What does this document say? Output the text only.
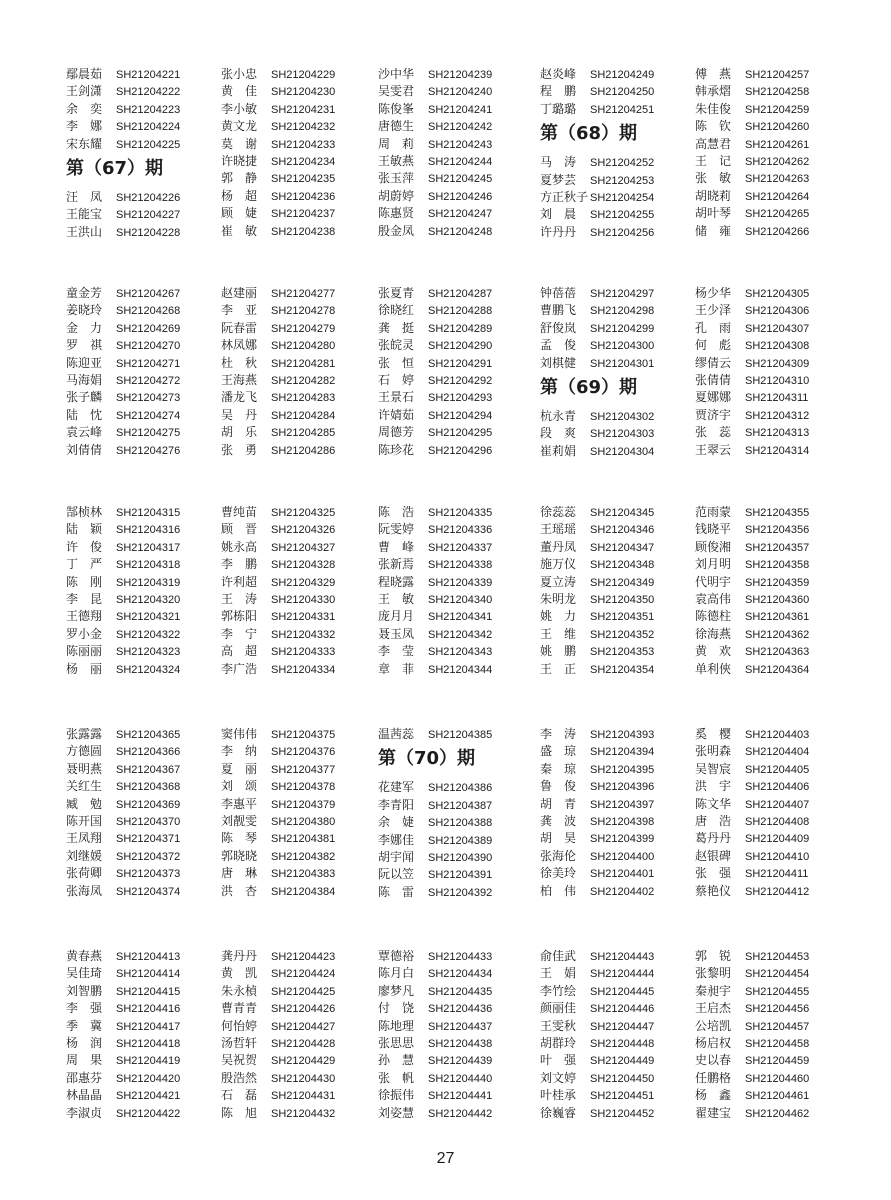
鄢晨茹 SH21204221
王剑潇 SH21204222
余奕 SH21204223
李娜 SH21204224
宋东耀 SH21204225
第（67）期
汪凤 SH21204226
王能宝 SH21204227
王洪山 SH21204228
张小忠 SH21204229
黄佳 SH21204230
李小敏 SH21204231
黄文龙 SH21204232
莫谢 SH21204233
许晓捷 SH21204234
郭静 SH21204235
杨超 SH21204236
顾婕 SH21204237
崔敏 SH21204238
沙中华 SH21204239
吴雯君 SH21204240
陈俊峯 SH21204241
唐德生 SH21204242
周莉 SH21204243
王敏燕 SH21204244
张玉萍 SH21204245
胡蔚婷 SH21204246
陈惠贤 SH21204247
殷金凤 SH21204248
赵炎峰 SH21204249
程鹏 SH21204250
丁璐璐 SH21204251
第（68）期
马涛 SH21204252
夏梦芸 SH21204253
方正秋子 SH21204254
刘晨 SH21204255
许丹丹 SH21204256
傅燕 SH21204257
韩承熠 SH21204258
朱佳俊 SH21204259
陈钦 SH21204260
高慧君 SH21204261
王记 SH21204262
张敏 SH21204263
胡晓莉 SH21204264
胡叶琴 SH21204265
储雍 SH21204266
童金芳 SH21204267
姜晓玲 SH21204268
金力 SH21204269
罗祺 SH21204270
陈迎亚 SH21204271
马海娟 SH21204272
张子麟 SH21204273
陆忱 SH21204274
袁云峰 SH21204275
刘倩倩 SH21204276
赵建丽 SH21204277
李亚 SH21204278
阮春雷 SH21204279
林凤娜 SH21204280
杜秋 SH21204281
王海燕 SH21204282
潘龙飞 SH21204283
吴丹 SH21204284
胡乐 SH21204285
张勇 SH21204286
张夏青 SH21204287
徐晓红 SH21204288
龚挺 SH21204289
张皖灵 SH21204290
张恒 SH21204291
石婷 SH21204292
王景石 SH21204293
许婧茹 SH21204294
周德芳 SH21204295
陈珍花 SH21204296
钟蓓蓓 SH21204297
曹鹏飞 SH21204298
舒俊岚 SH21204299
孟俊 SH21204300
刘棋健 SH21204301
第（69）期
杭永青 SH21204302
段爽 SH21204303
崔莉娟 SH21204304
杨少华 SH21204305
王少泽 SH21204306
孔雨 SH21204307
何彪 SH21204308
缪倩云 SH21204309
张倩倩 SH21204310
夏娜娜 SH21204311
贾济宇 SH21204312
张蕊 SH21204313
王翠云 SH21204314
郜桢林 SH21204315
陆颖 SH21204316
许俊 SH21204317
丁严 SH21204318
陈刚 SH21204319
李昆 SH21204320
王德翔 SH21204321
罗小金 SH21204322
陈丽丽 SH21204323
杨丽 SH21204324
曹纯苗 SH21204325
顾晋 SH21204326
姚永高 SH21204327
李鹏 SH21204328
许利超 SH21204329
王涛 SH21204330
郭栋阳 SH21204331
李宁 SH21204332
高超 SH21204333
李广浩 SH21204334
陈浩 SH21204335
阮雯婷 SH21204336
曹峰 SH21204337
张新焉 SH21204338
程晓露 SH21204339
王敏 SH21204340
庞月月 SH21204341
聂玉凤 SH21204342
李莹 SH21204343
章菲 SH21204344
徐蕊蕊 SH21204345
王瑶瑶 SH21204346
董丹凤 SH21204347
施万仪 SH21204348
夏立涛 SH21204349
朱明龙 SH21204350
姚力 SH21204351
王维 SH21204352
姚鹏 SH21204353
王正 SH21204354
范雨蒙 SH21204355
钱晓平 SH21204356
顾俊湘 SH21204357
刘月明 SH21204358
代明宇 SH21204359
袁高伟 SH21204360
陈德柱 SH21204361
徐海燕 SH21204362
黄欢 SH21204363
单利俠 SH21204364
张露露 SH21204365
方德圆 SH21204366
聂明燕 SH21204367
关红生 SH21204368
臧勉 SH21204369
陈开国 SH21204370
王凤翔 SH21204371
刘继媛 SH21204372
张荷卿 SH21204373
张海凤 SH21204374
窦伟伟 SH21204375
李纳 SH21204376
夏丽 SH21204377
刘颂 SH21204378
李惠平 SH21204379
刘靓雯 SH21204380
陈琴 SH21204381
郭晓晓 SH21204382
唐琳 SH21204383
洪杏 SH21204384
温茜蕊 SH21204385
第（70）期
花建军 SH21204386
李青阳 SH21204387
余婕 SH21204388
李娜佳 SH21204389
胡宇闻 SH21204390
阮以笠 SH21204391
陈雷 SH21204392
李涛 SH21204393
盛琼 SH21204394
秦琼 SH21204395
鲁俊 SH21204396
胡青 SH21204397
龚波 SH21204398
胡昊 SH21204399
张海伦 SH21204400
徐美玲 SH21204401
柏伟 SH21204402
奚樱 SH21204403
张明森 SH21204404
吴智宸 SH21204405
洪宇 SH21204406
陈文华 SH21204407
唐浩 SH21204408
葛丹丹 SH21204409
赵银碑 SH21204410
张强 SH21204411
蔡艳仪 SH21204412
黄春燕 SH21204413
吴佳琦 SH21204414
刘智鹏 SH21204415
李强 SH21204416
季冀 SH21204417
杨润 SH21204418
周果 SH21204419
邵惠芬 SH21204420
林晶晶 SH21204421
李淑贞 SH21204422
龚丹丹 SH21204423
黄凯 SH21204424
朱永楨 SH21204425
曹青青 SH21204426
何怡婷 SH21204427
汤哲轩 SH21204428
吴祝贺 SH21204429
殷浩然 SH21204430
石磊 SH21204431
陈旭 SH21204432
覃德裕 SH21204433
陈月白 SH21204434
廖梦凡 SH21204435
付饶 SH21204436
陈地理 SH21204437
张思思 SH21204438
孙慧 SH21204439
张帆 SH21204440
徐振伟 SH21204441
刘姿慧 SH21204442
俞佳武 SH21204443
王娟 SH21204444
李竹绘 SH21204445
颜丽佳 SH21204446
王雯秋 SH21204447
胡群玲 SH21204448
叶强 SH21204449
刘文婷 SH21204450
叶桂承 SH21204451
徐巍睿 SH21204452
郭锐 SH21204453
张黎明 SH21204454
秦昶宇 SH21204455
王启杰 SH21204456
公培凯 SH21204457
杨启权 SH21204458
史以春 SH21204459
任鹏格 SH21204460
杨鑫 SH21204461
翟建宝 SH21204462
27
